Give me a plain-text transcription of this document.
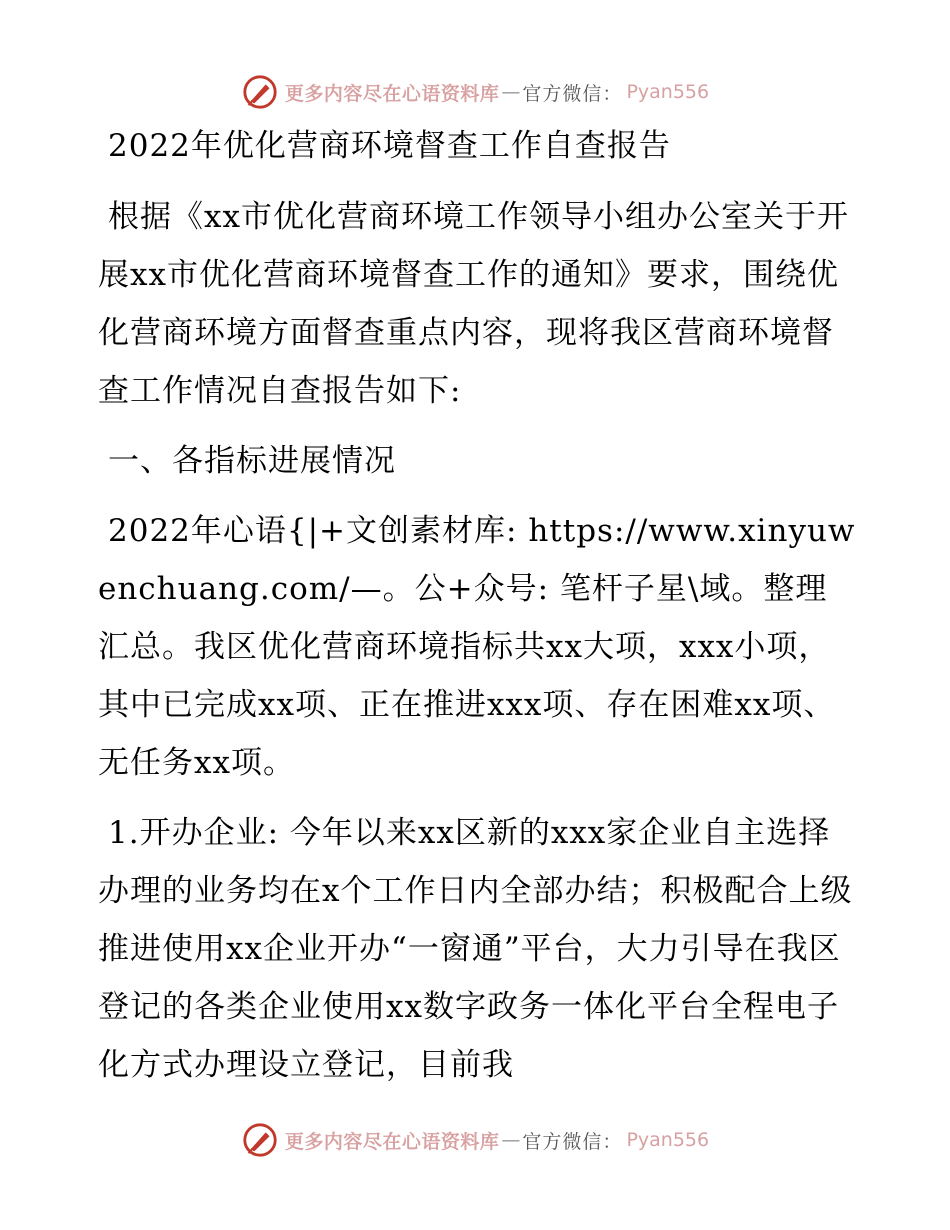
更多内容尽在心语资料库 — 官方微信： Pyan556
2022年优化营商环境督查工作自查报告

根据《xx市优化营商环境工作领导小组办公室关于开展xx市优化营商环境督查工作的通知》要求，围绕优化营商环境方面督查重点内容，现将我区营商环境督查工作情况自查报告如下:

一、各指标进展情况

2022年心语{|+文创素材库: https://www.xinyuwenchuang.com/—。公+众号: 笔杆子星\域。整理汇总。我区优化营商环境指标共xx大项，xxx小项，其中已完成xx项、正在推进xxx项、存在困难xx项、无任务xx项。

1.开办企业: 今年以来xx区新的xxx家企业自主选择办理的业务均在x个工作日内全部办结；积极配合上级推进使用xx企业开办“一窗通”平台，大力引导在我区登记的各类企业使用xx数字政务一体化平台全程电子化方式办理设立登记，目前我

更多内容尽在心语资料库 — 官方微信： Pyan556
